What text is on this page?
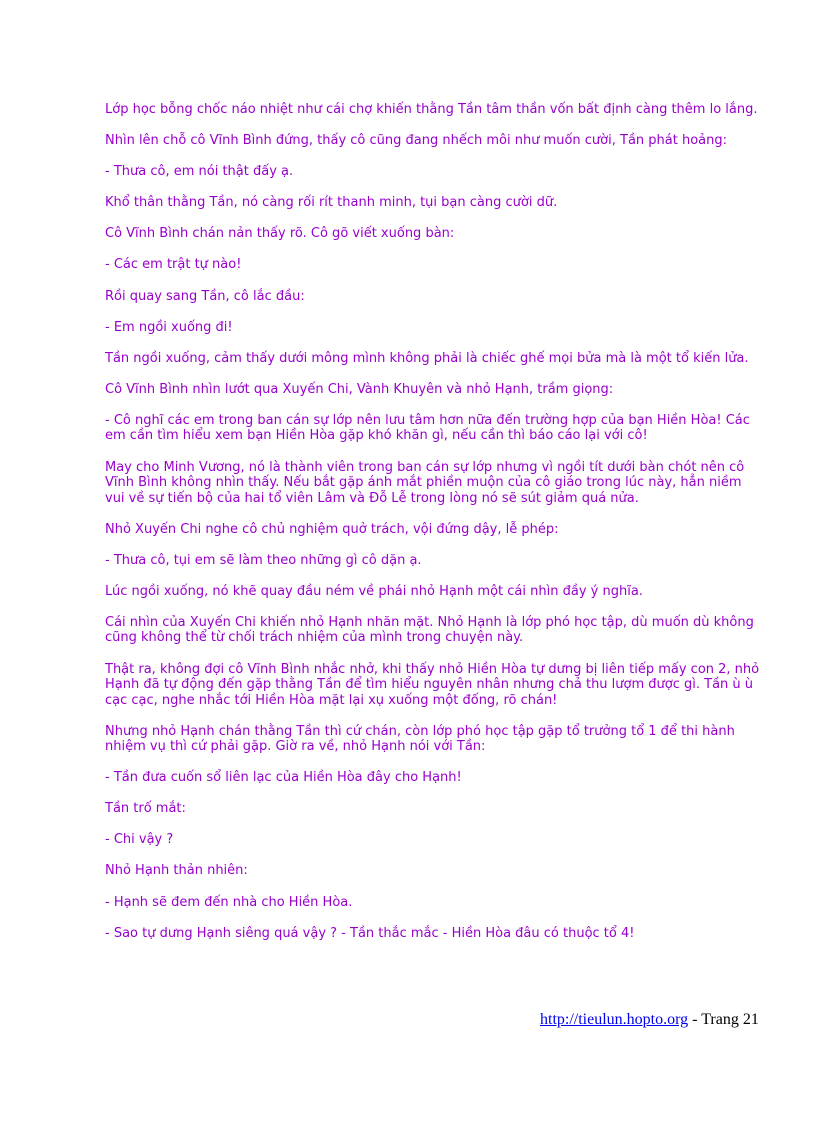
Lớp học bỗng chốc náo nhiệt như cái chợ khiến thằng Tần tâm thần vốn bất định càng thêm lo lắng.

Nhìn lên chỗ cô Vĩnh Bình đứng, thấy cô cũng đang nhếch môi như muốn cười, Tần phát hoảng:

- Thưa cô, em nói thật đấy ạ.

Khổ thân thằng Tần, nó càng rối rít thanh minh, tụi bạn càng cười dữ.

Cô Vĩnh Bình chán nản thấy rõ. Cô gõ viết xuống bàn:

- Các em trật tự nào!

Rồi quay sang Tần, cô lắc đầu:

- Em ngồi xuống đi!

Tần ngồi xuống, cảm thấy dưới mông mình không phải là chiếc ghế mọi bửa mà là một tổ kiến lửa.

Cô Vĩnh Bình nhìn lướt qua Xuyến Chi, Vành Khuyên và nhỏ Hạnh, trầm giọng:

- Cô nghĩ các em trong ban cán sự lớp nên lưu tâm hơn nữa đến trường hợp của bạn Hiền Hòa! Các em cần tìm hiểu xem bạn Hiền Hòa gặp khó khăn gì, nếu cần thì báo cáo lại với cô!

May cho Minh Vương, nó là thành viên trong ban cán sự lớp nhưng vì ngồi tít dưới bàn chót nên cô Vĩnh Bình không nhìn thấy. Nếu bắt gặp ánh mắt phiền muộn của cô giáo trong lúc này, hẳn niềm vui về sự tiến bộ của hai tổ viên Lâm và Đỗ Lễ trong lòng nó sẽ sút giảm quá nửa.

Nhỏ Xuyến Chi nghe cô chủ nghiệm quở trách, vội đứng dậy, lễ phép:

- Thưa cô, tụi em sẽ làm theo những gì cô dặn ạ.

Lúc ngồi xuống, nó khẽ quay đầu ném về phái nhỏ Hạnh một cái nhìn đầy ý nghĩa.

Cái nhìn của Xuyến Chi khiến nhỏ Hạnh nhăn mặt. Nhỏ Hạnh là lớp phó học tập, dù muốn dù không cũng không thể từ chối trách nhiệm của mình trong chuyện này.

Thật ra, không đợi cô Vĩnh Bình nhắc nhở, khi thấy nhỏ Hiền Hòa tự dưng bị liên tiếp mấy con 2, nhỏ Hạnh đã tự động đến gặp thằng Tần để tìm hiểu nguyên nhân nhưng chả thu lượm được gì. Tần ù ù cạc cạc, nghe nhắc tới Hiền Hòa mặt lại xụ xuống một đống, rõ chán!

Nhưng nhỏ Hạnh chán thằng Tần thì cứ chán, còn lớp phó học tập gặp tổ trưởng tổ 1 để thi hành nhiệm vụ thì cứ phải gặp. Giờ ra về, nhỏ Hạnh nói với Tần:

- Tần đưa cuốn sổ liên lạc của Hiền Hòa đây cho Hạnh!

Tần trố mắt:

- Chi vậy ?

Nhỏ Hạnh thản nhiên:

- Hạnh sẽ đem đến nhà cho Hiền Hòa.

- Sao tự dưng Hạnh siêng quá vậy ? - Tần thắc mắc - Hiền Hòa đâu có thuộc tổ 4!

http://tieulun.hopto.org - Trang 21
